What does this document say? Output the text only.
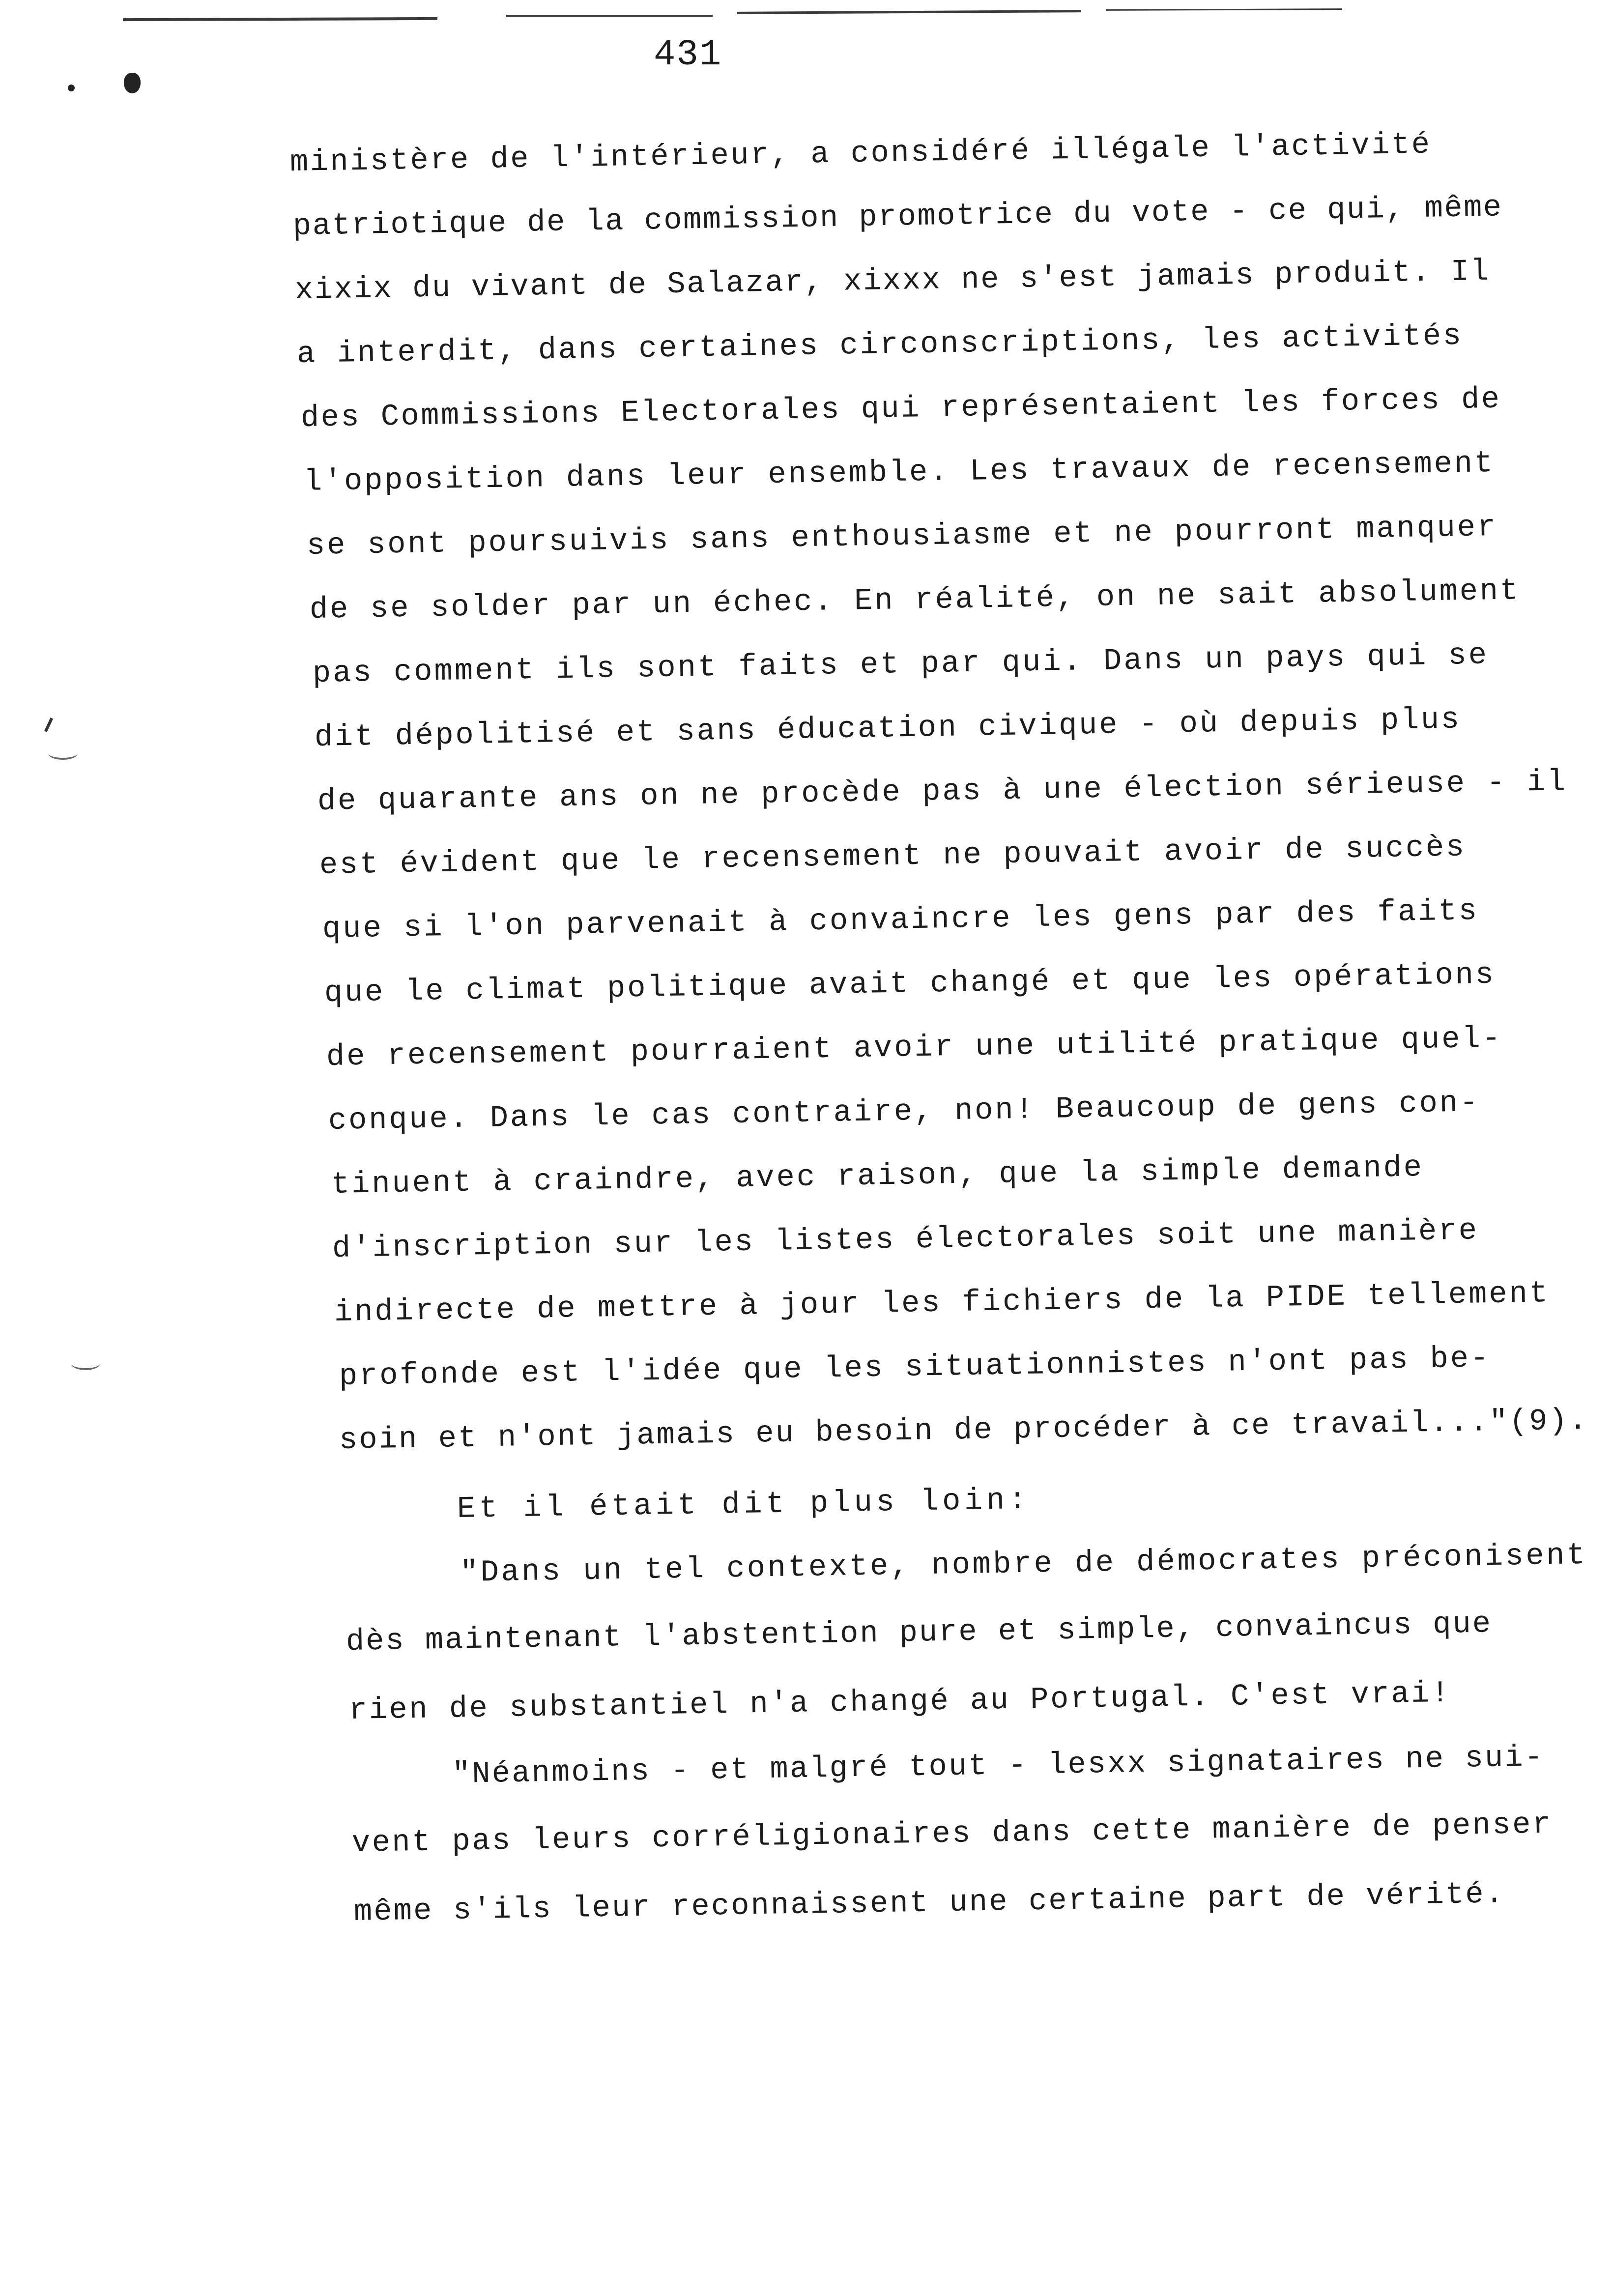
431
ministère de l'intérieur, a considéré illégale l'activité
patriotique de la commission promotrice du vote - ce qui, même
xixix du vivant de Salazar, xixxx ne s'est jamais produit. Il
a interdit, dans certaines circonscriptions, les activités
des Commissions Electorales qui représentaient les forces de
l'opposition dans leur ensemble. Les travaux de recensement
se sont poursuivis sans enthousiasme et ne pourront manquer
de se solder par un échec. En réalité, on ne sait absolument
pas comment ils sont faits et par qui. Dans un pays qui se
dit dépolitisé et sans éducation civique - où depuis plus
de quarante ans on ne procède pas à une élection sérieuse - il
est évident que le recensement ne pouvait avoir de succès
que si l'on parvenait à convaincre les gens par des faits
que le climat politique avait changé et que les opérations
de recensement pourraient avoir une utilité pratique quel-
conque. Dans le cas contraire, non! Beaucoup de gens con-
tinuent à craindre, avec raison, que la simple demande
d'inscription sur les listes électorales soit une manière
indirecte de mettre à jour les fichiers de la PIDE tellement
profonde est l'idée que les situationnistes n'ont pas be-
soin et n'ont jamais eu besoin de procéder à ce travail..."(9).
Et il était dit plus loin:
"Dans un tel contexte, nombre de démocrates préconisent
dès maintenant l'abstention pure et simple, convaincus que
rien de substantiel n'a changé au Portugal. C'est vrai!
"Néanmoins - et malgré tout - lesxx signataires ne sui-
vent pas leurs corréligionaires dans cette manière de penser
même s'ils leur reconnaissent une certaine part de vérité.
